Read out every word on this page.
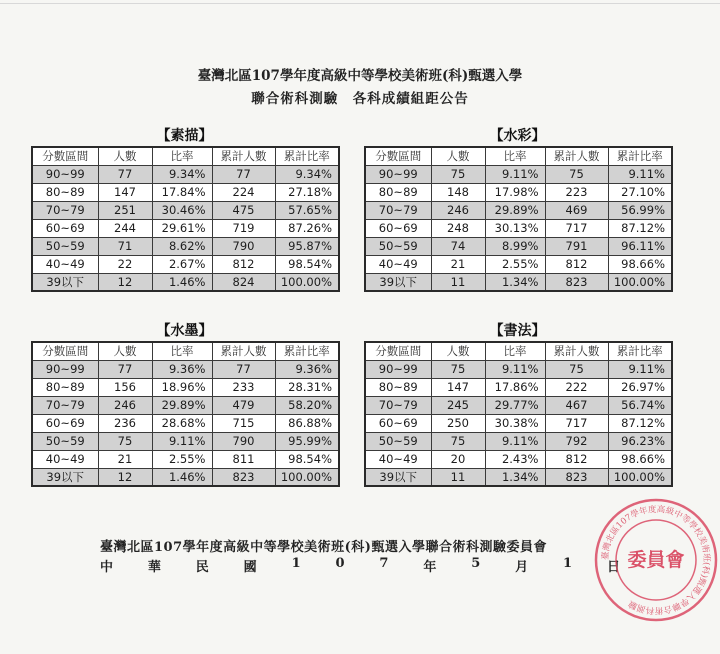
臺灣北區107學年度高級中等學校美術班(科)甄選入學
聯合術科測驗　各科成績組距公告
【素描】
分數區間	人數	比率	累計人數	累計比率
90~99	77	9.34%	77	9.34%
80~89	147	17.84%	224	27.18%
70~79	251	30.46%	475	57.65%
60~69	244	29.61%	719	87.26%
50~59	71	8.62%	790	95.87%
40~49	22	2.67%	812	98.54%
39以下	12	1.46%	824	100.00%
【水彩】
分數區間	人數	比率	累計人數	累計比率
90~99	75	9.11%	75	9.11%
80~89	148	17.98%	223	27.10%
70~79	246	29.89%	469	56.99%
60~69	248	30.13%	717	87.12%
50~59	74	8.99%	791	96.11%
40~49	21	2.55%	812	98.66%
39以下	11	1.34%	823	100.00%
【水墨】
分數區間	人數	比率	累計人數	累計比率
90~99	77	9.36%	77	9.36%
80~89	156	18.96%	233	28.31%
70~79	246	29.89%	479	58.20%
60~69	236	28.68%	715	86.88%
50~59	75	9.11%	790	95.99%
40~49	21	2.55%	811	98.54%
39以下	12	1.46%	823	100.00%
【書法】
分數區間	人數	比率	累計人數	累計比率
90~99	75	9.11%	75	9.11%
80~89	147	17.86%	222	26.97%
70~79	245	29.77%	467	56.74%
60~69	250	30.38%	717	87.12%
50~59	75	9.11%	792	96.23%
40~49	20	2.43%	812	98.66%
39以下	11	1.34%	823	100.00%
臺灣北區107學年度高級中等學校美術班(科)甄選入學聯合術科測驗委員會
中	華	民	國	1	0	7	年	5	月	1	日
臺灣北區107學年度高級中等學校美術班(科)甄選入學聯合術科測驗
委員會
